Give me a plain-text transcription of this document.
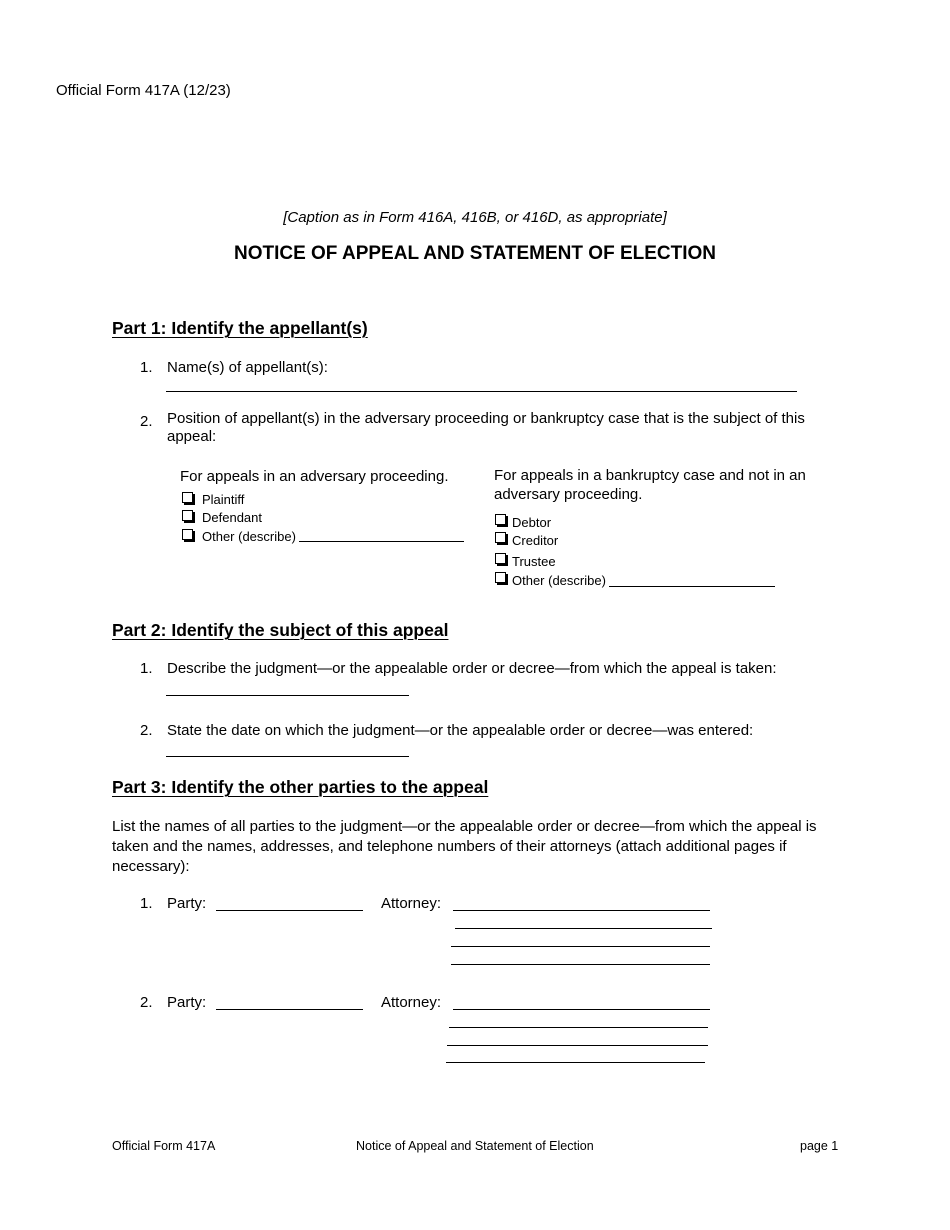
Official Form 417A (12/23)
[Caption as in Form 416A, 416B, or 416D, as appropriate]
NOTICE OF APPEAL AND STATEMENT OF ELECTION
Part 1: Identify the appellant(s)
1. Name(s) of appellant(s):
2. Position of appellant(s) in the adversary proceeding or bankruptcy case that is the subject of this appeal:
For appeals in an adversary proceeding.
Plaintiff
Defendant
Other (describe)
For appeals in a bankruptcy case and not in an adversary proceeding.
Debtor
Creditor
Trustee
Other (describe)
Part 2: Identify the subject of this appeal
1. Describe the judgment—or the appealable order or decree—from which the appeal is taken:
2. State the date on which the judgment—or the appealable order or decree—was entered:
Part 3: Identify the other parties to the appeal
List the names of all parties to the judgment—or the appealable order or decree—from which the appeal is taken and the names, addresses, and telephone numbers of their attorneys (attach additional pages if necessary):
1. Party:	Attorney:
2. Party:	Attorney:
Official Form 417A	Notice of Appeal and Statement of Election	page 1
